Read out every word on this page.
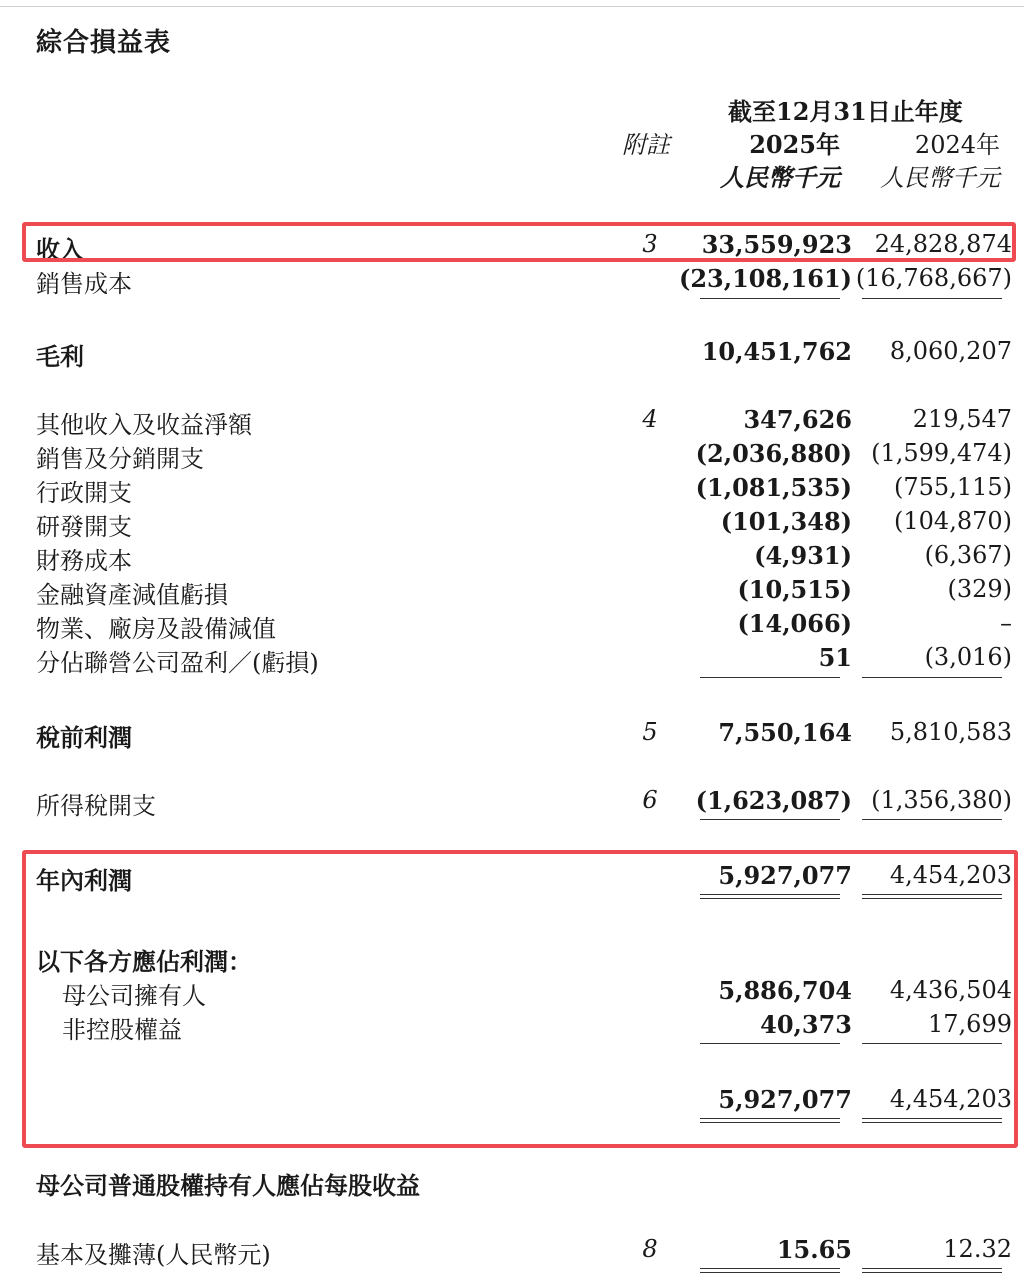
綜合損益表
截至12月31日止年度
附註	2025年	2024年
人民幣千元 人民幣千元
收入	3	33,559,923 24,828,874
銷售成本	(23,108,161) (16,768,667)
毛利	10,451,762 8,060,207
其他收入及收益淨額	4	347,626	219,547
銷售及分銷開支	(2,036,880) (1,599,474)
行政開支	(1,081,535) (755,115)
研發開支	(101,348) (104,870)
財務成本	(4,931)	(6,367)
金融資產減值虧損	(10,515)	(329)
物業、廠房及設備減值	(14,066)	–
分佔聯營公司盈利／(虧損)	51	(3,016)
稅前利潤	5	7,550,164 5,810,583
所得稅開支	6	(1,623,087) (1,356,380)
年內利潤	5,927,077 4,454,203
以下各方應佔利潤：
母公司擁有人	5,886,704 4,436,504
非控股權益	40,373	17,699
5,927,077 4,454,203
母公司普通股權持有人應佔每股收益
基本及攤薄(人民幣元)	8	15.65	12.32
